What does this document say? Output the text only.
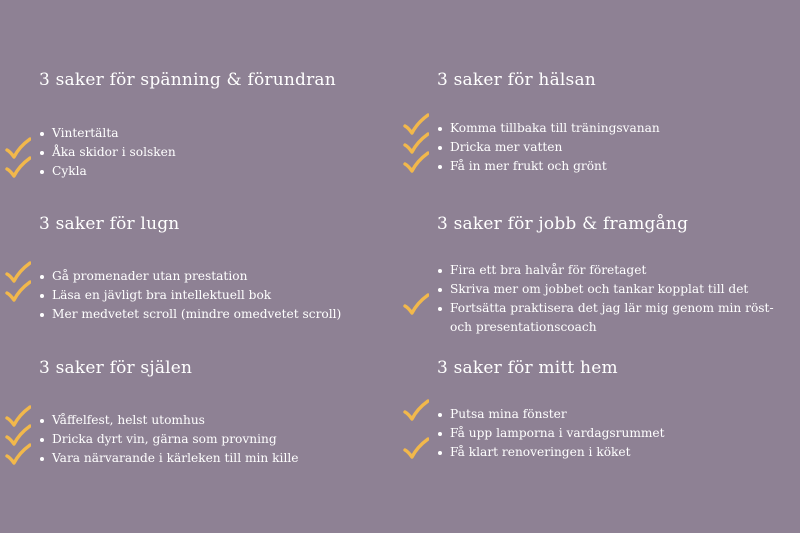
3 saker för spänning & förundran
Vintertälta
Åka skidor i solsken
Cykla
3 saker för lugn
Gå promenader utan prestation
Läsa en jävligt bra intellektuell bok
Mer medvetet scroll (mindre omedvetet scroll)
3 saker för själen
Våffelfest, helst utomhus
Dricka dyrt vin, gärna som provning
Vara närvarande i kärleken till min kille
3 saker för hälsan
Komma tillbaka till träningsvanan
Dricka mer vatten
Få in mer frukt och grönt
3 saker för jobb & framgång
Fira ett bra halvår för företaget
Skriva mer om jobbet och tankar kopplat till det
Fortsätta praktisera det jag lär mig genom min röst- och presentationscoach
3 saker för mitt hem
Putsa mina fönster
Få upp lamporna i vardagsrummet
Få klart renoveringen i köket
